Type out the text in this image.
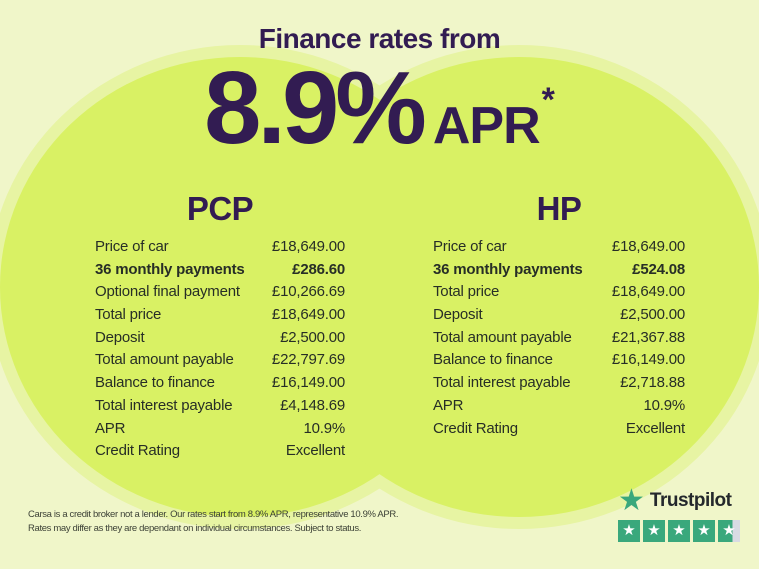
Finance rates from
8.9% APR *
PCP
Price of car	£18,649.00
36 monthly payments	£286.60
Optional final payment £10,266.69
Total price	£18,649.00
Deposit	£2,500.00
Total amount payable	£22,797.69
Balance to finance	£16,149.00
Total interest payable	£4,148.69
APR	10.9%
Credit Rating	Excellent
HP
Price of car	£18,649.00
36 monthly payments	£524.08
Total price	£18,649.00
Deposit	£2,500.00
Total amount payable	£21,367.88
Balance to finance	£16,149.00
Total interest payable	£2,718.88
APR	10.9%
Credit Rating	Excellent
Carsa is a credit broker not a lender. Our rates start from 8.9% APR, representative 10.9% APR.
Rates may differ as they are dependant on individual circumstances. Subject to status.
★ Trustpilot
★ ★ ★ ★ ★
